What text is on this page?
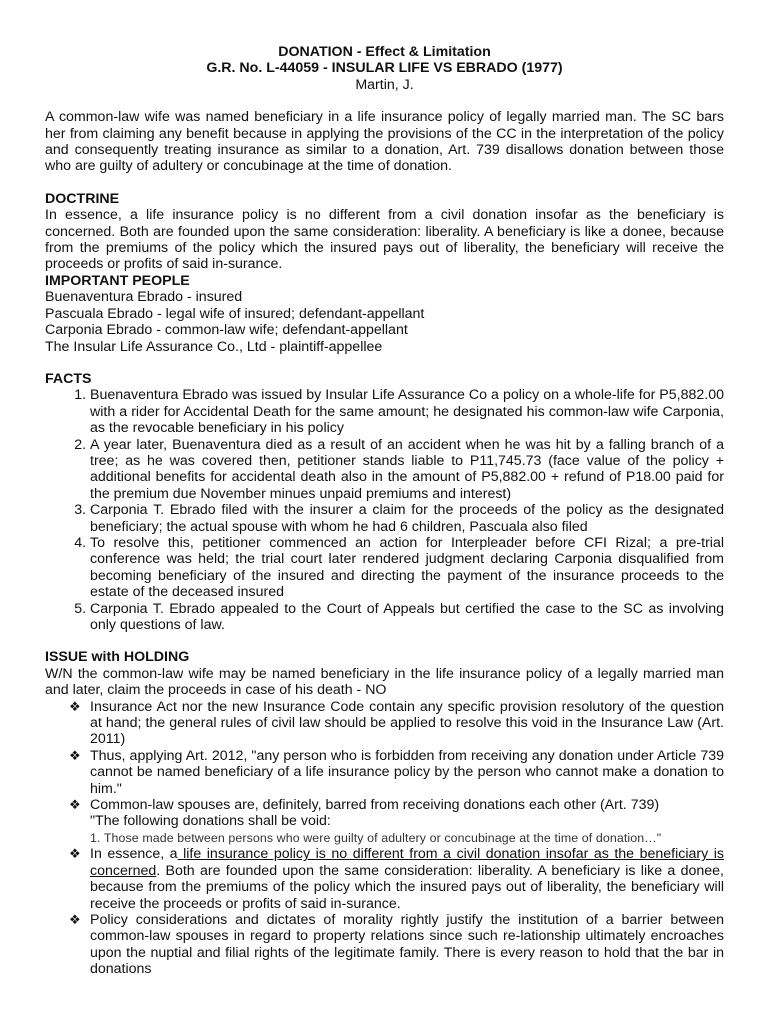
DONATION - Effect & Limitation
G.R. No. L-44059 - INSULAR LIFE VS EBRADO (1977)
Martin, J.

A common-law wife was named beneficiary in a life insurance policy of legally married man. The SC bars her from claiming any benefit because in applying the provisions of the CC in the interpretation of the policy and consequently treating insurance as similar to a donation, Art. 739 disallows donation between those who are guilty of adultery or concubinage at the time of donation.

DOCTRINE

In essence, a life insurance policy is no different from a civil donation insofar as the beneficiary is concerned. Both are founded upon the same consideration: liberality. A beneficiary is like a donee, because from the premiums of the policy which the insured pays out of liberality, the beneficiary will receive the proceeds or profits of said in-surance.

IMPORTANT PEOPLE
Buenaventura Ebrado - insured
Pascuala Ebrado - legal wife of insured; defendant-appellant
Carponia Ebrado - common-law wife; defendant-appellant
The Insular Life Assurance Co., Ltd - plaintiff-appellee
FACTS
1. Buenaventura Ebrado was issued by Insular Life Assurance Co a policy on a whole-life for P5,882.00 with a rider for Accidental Death for the same amount; he designated his common-law wife Carponia, as the revocable beneficiary in his policy
2. A year later, Buenaventura died as a result of an accident when he was hit by a falling branch of a tree; as he was covered then, petitioner stands liable to P11,745.73 (face value of the policy + additional benefits for accidental death also in the amount of P5,882.00 + refund of P18.00 paid for the premium due November minues unpaid premiums and interest)
3. Carponia T. Ebrado filed with the insurer a claim for the proceeds of the policy as the designated beneficiary; the actual spouse with whom he had 6 children, Pascuala also filed
4. To resolve this, petitioner commenced an action for Interpleader before CFI Rizal; a pre-trial conference was held; the trial court later rendered judgment declaring Carponia disqualified from becoming beneficiary of the insured and directing the payment of the insurance proceeds to the estate of the deceased insured
5. Carponia T. Ebrado appealed to the Court of Appeals but certified the case to the SC as involving only questions of law.
ISSUE with HOLDING

W/N the common-law wife may be named beneficiary in the life insurance policy of a legally married man and later, claim the proceeds in case of his death - NO

❖ Insurance Act nor the new Insurance Code contain any specific provision resolutory of the question at hand; the general rules of civil law should be applied to resolve this void in the Insurance Law (Art. 2011)
❖ Thus, applying Art. 2012, "any person who is forbidden from receiving any donation under Article 739 cannot be named beneficiary of a life insurance policy by the person who cannot make a donation to him."
❖ Common-law spouses are, definitely, barred from receiving donations each other (Art. 739)
"The following donations shall be void:
1. Those made between persons who were guilty of adultery or concubinage at the time of donation…"
❖ In essence, a life insurance policy is no different from a civil donation insofar as the beneficiary is concerned. Both are founded upon the same consideration: liberality. A beneficiary is like a donee, because from the premiums of the policy which the insured pays out of liberality, the beneficiary will receive the proceeds or profits of said in-surance.
❖ Policy considerations and dictates of morality rightly justify the institution of a barrier between common-law spouses in regard to property relations since such re-lationship ultimately encroaches upon the nuptial and filial rights of the legitimate family. There is every reason to hold that the bar in donations
